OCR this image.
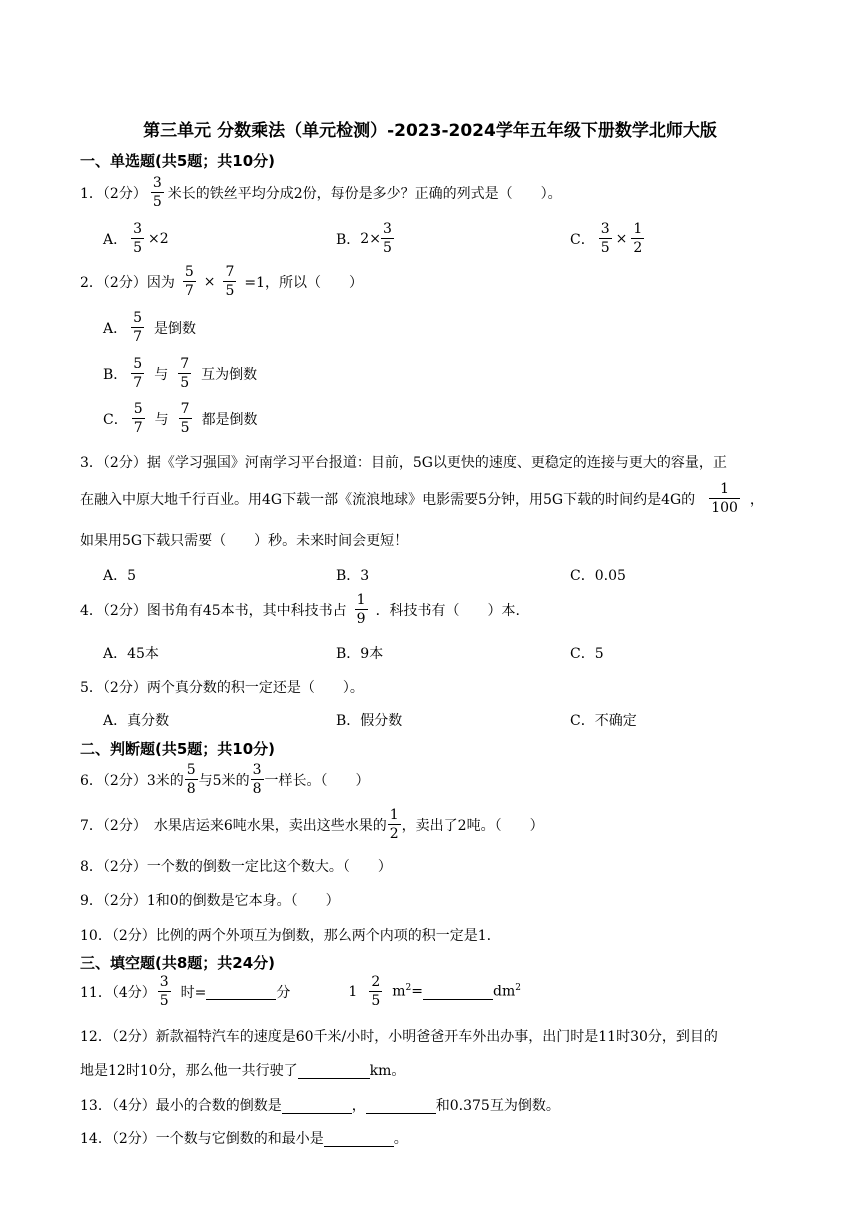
第三单元 分数乘法（单元检测）-2023-2024学年五年级下册数学北师大版
一、单选题(共5题；共10分)
1．（2分） $\frac{3}{5}$ 米长的铁丝平均分成2份，每份是多少？正确的列式是（　　）。
A． $\frac{3}{5} \times 2$	B． $2\times \frac{3}{5}$	C． $\frac{3}{5} \times \frac{1}{2}$
2．（2分）因为 $\frac{5}{7} \times \frac{7}{5} =1$，所以（　　）
A． $\frac{5}{7}$ 是倒数
B． $\frac{5}{7}$ 与 $\frac{7}{5}$ 互为倒数
C． $\frac{5}{7}$ 与 $\frac{7}{5}$ 都是倒数
3．（2分）据《学习强国》河南学习平台报道：目前，5G以更快的速度、更稳定的连接与更大的容量，正
在融入中原大地千行百业。用4G下载一部《流浪地球》电影需要5分钟，用5G下载的时间约是4G的 $\frac{1}{100}$ ，
如果用5G下载只需要（　　）秒。未来时间会更短！
A．5	B．3	C．0.05
4．（2分）图书角有45本书，其中科技书占 $\frac{1}{9}$ ．科技书有（　　）本.
A．45本	B．9本	C．5
5．（2分）两个真分数的积一定还是（　　）。
A．真分数	B．假分数	C．不确定
二、判断题(共5题；共10分)
6．（2分）3米的 $\frac{5}{8}$ 与5米的 $\frac{3}{8}$ 一样长。（　　）
7．（2分）　水果店运来6吨水果，卖出这些水果的 $\frac{1}{2}$ ，卖出了2吨。（　　）
8．（2分）一个数的倒数一定比这个数大。（　　）
9．（2分）1和0的倒数是它本身。（　　）
10．（2分）比例的两个外项互为倒数，那么两个内项的积一定是1.
三、填空题(共8题；共24分)
11．（4分） $\frac{3}{5}$ 时=	分	$1 \frac{2}{5} m^2=$	$dm^2$
12．（2分）新款福特汽车的速度是60千米/小时，小明爸爸开车外出办事，出门时是11时30分，到目的
地是12时10分，那么他一共行驶了	km。
13．（4分）最小的合数的倒数是	，	和0.375互为倒数。
14．（2分）一个数与它倒数的和最小是	。
